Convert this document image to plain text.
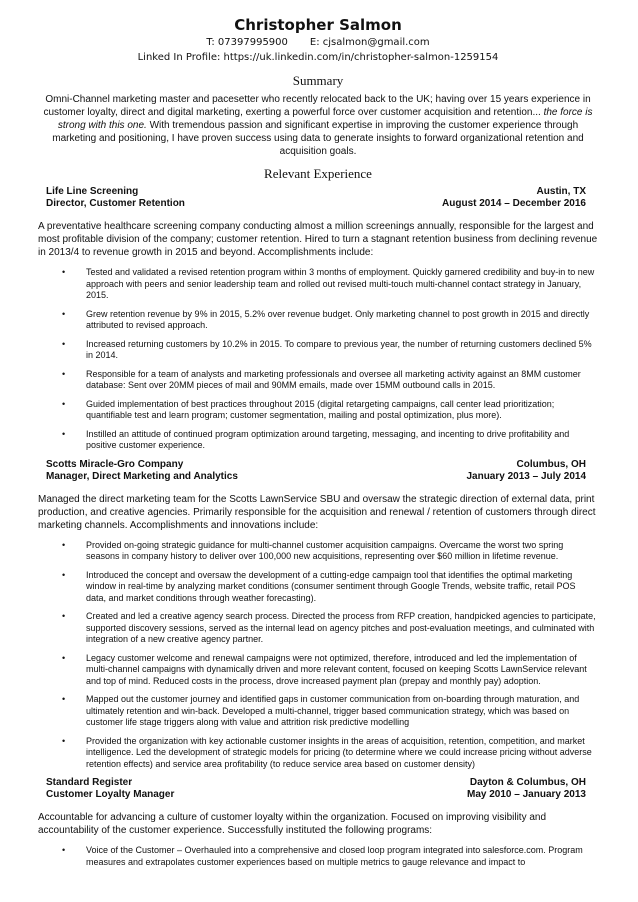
Christopher Salmon
T: 07397995900 E: cjsalmon@gmail.com
Linked In Profile: https://uk.linkedin.com/in/christopher-salmon-1259154
Summary
Omni-Channel marketing master and pacesetter who recently relocated back to the UK; having over 15 years experience in customer loyalty, direct and digital marketing, exerting a powerful force over customer acquisition and retention... the force is strong with this one. With tremendous passion and significant expertise in improving the customer experience through marketing and positioning, I have proven success using data to generate insights to forward organizational retention and acquisition goals.
Relevant Experience
Life Line Screening	Austin, TX
Director, Customer Retention	August 2014 – December 2016
A preventative healthcare screening company conducting almost a million screenings annually, responsible for the largest and most profitable division of the company; customer retention. Hired to turn a stagnant retention business from declining revenue in 2013/4 to revenue growth in 2015 and beyond. Accomplishments include:
• Tested and validated a revised retention program within 3 months of employment. Quickly garnered credibility and buy-in to new approach with peers and senior leadership team and rolled out revised multi-touch multi-channel contact strategy in January, 2015.
• Grew retention revenue by 9% in 2015, 5.2% over revenue budget. Only marketing channel to post growth in 2015 and directly attributed to revised approach.
• Increased returning customers by 10.2% in 2015. To compare to previous year, the number of returning customers declined 5% in 2014.
• Responsible for a team of analysts and marketing professionals and oversee all marketing activity against an 8MM customer database: Sent over 20MM pieces of mail and 90MM emails, made over 15MM outbound calls in 2015.
• Guided implementation of best practices throughout 2015 (digital retargeting campaigns, call center lead prioritization; quantifiable test and learn program; customer segmentation, mailing and postal optimization, plus more).
• Instilled an attitude of continued program optimization around targeting, messaging, and incenting to drive profitability and positive customer experience.
Scotts Miracle-Gro Company	Columbus, OH
Manager, Direct Marketing and Analytics	January 2013 – July 2014
Managed the direct marketing team for the Scotts LawnService SBU and oversaw the strategic direction of external data, print production, and creative agencies. Primarily responsible for the acquisition and renewal / retention of customers through direct marketing channels. Accomplishments and innovations include:
• Provided on-going strategic guidance for multi-channel customer acquisition campaigns. Overcame the worst two spring seasons in company history to deliver over 100,000 new acquisitions, representing over $60 million in lifetime revenue.
• Introduced the concept and oversaw the development of a cutting-edge campaign tool that identifies the optimal marketing window in real-time by analyzing market conditions (consumer sentiment through Google Trends, website traffic, retail POS data, and market conditions through weather forecasting).
• Created and led a creative agency search process. Directed the process from RFP creation, handpicked agencies to participate, supported discovery sessions, served as the internal lead on agency pitches and post-evaluation meetings, and culminated with integration of a new creative agency partner.
• Legacy customer welcome and renewal campaigns were not optimized, therefore, introduced and led the implementation of multi-channel campaigns with dynamically driven and more relevant content, focused on keeping Scotts LawnService relevant and top of mind. Reduced costs in the process, drove increased payment plan (prepay and monthly pay) adoption.
• Mapped out the customer journey and identified gaps in customer communication from on-boarding through maturation, and ultimately retention and win-back. Developed a multi-channel, trigger based communication strategy, which was based on customer life stage triggers along with value and attrition risk predictive modelling
• Provided the organization with key actionable customer insights in the areas of acquisition, retention, competition, and market intelligence. Led the development of strategic models for pricing (to determine where we could increase pricing without adverse retention effects) and service area profitability (to reduce service area based on customer density)
Standard Register	Dayton & Columbus, OH
Customer Loyalty Manager	May 2010 – January 2013
Accountable for advancing a culture of customer loyalty within the organization. Focused on improving visibility and accountability of the customer experience. Successfully instituted the following programs:
• Voice of the Customer – Overhauled into a comprehensive and closed loop program integrated into salesforce.com. Program measures and extrapolates customer experiences based on multiple metrics to gauge relevance and impact to
